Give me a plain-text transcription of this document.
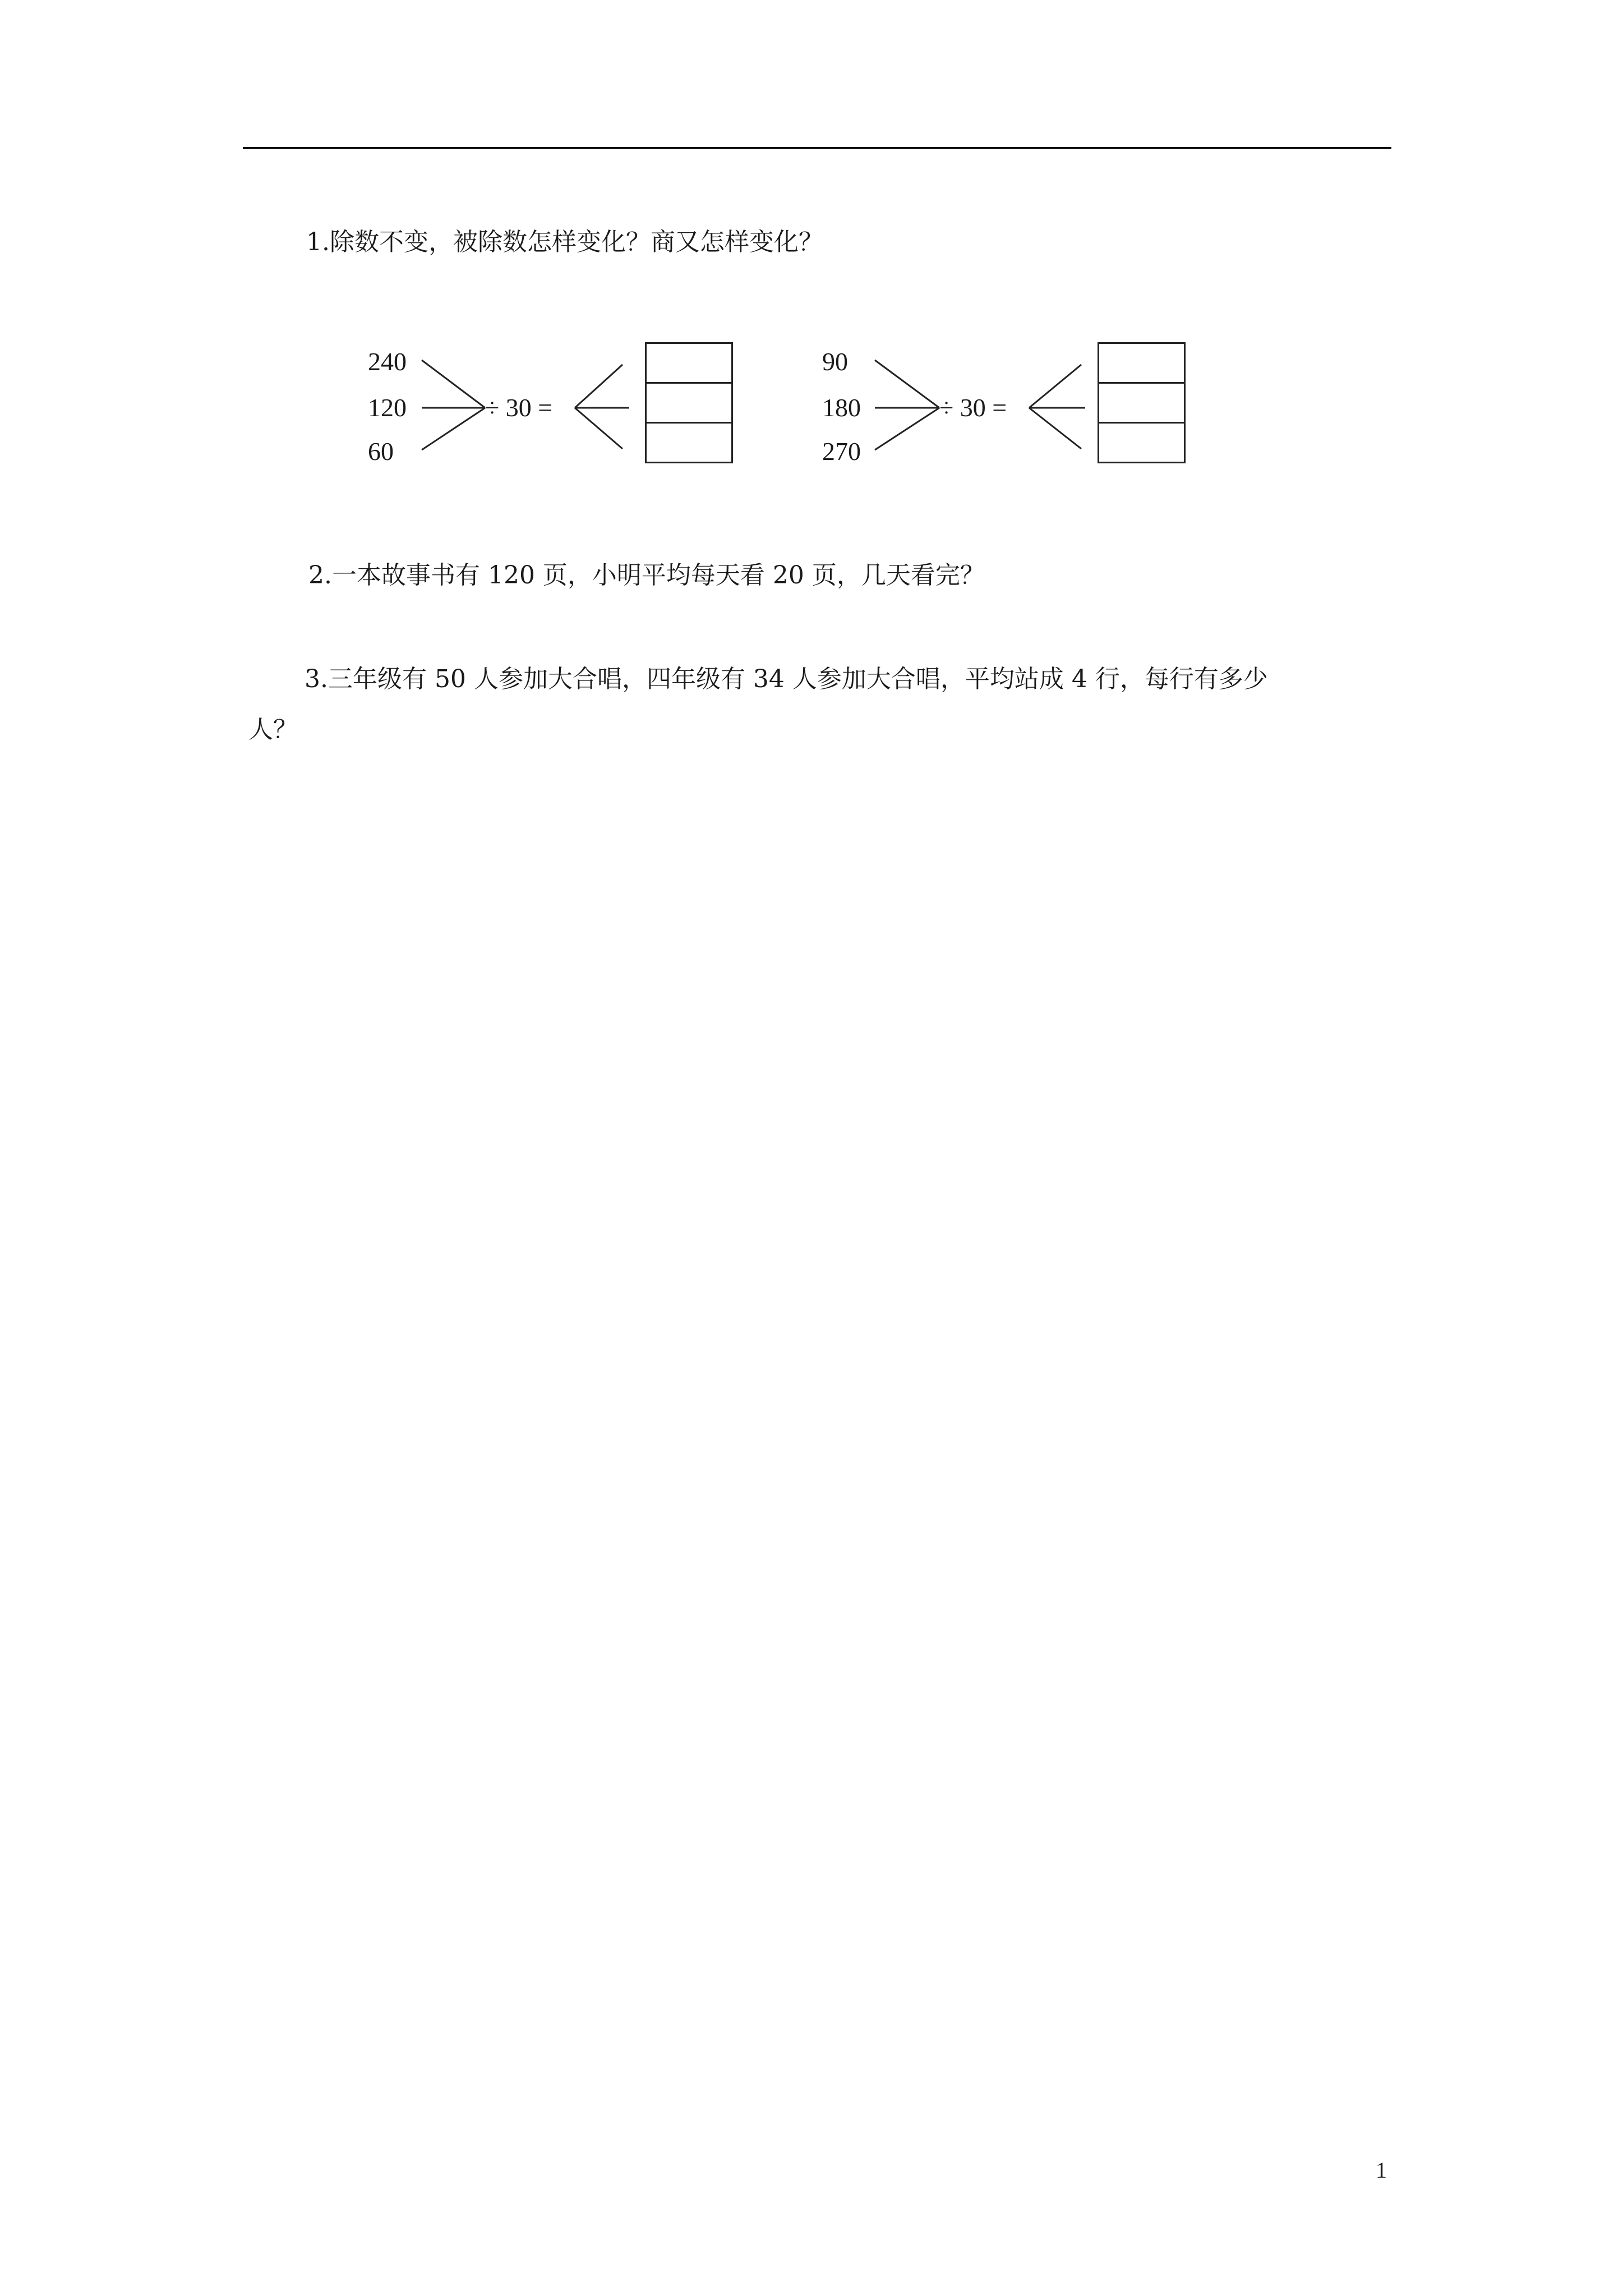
1.除数不变，被除数怎样变化？商又怎样变化？
240
120
60
÷ 30 =
90
180
270
÷ 30 =
2.一本故事书有 120 页，小明平均每天看 20 页，几天看完？
3.三年级有 50 人参加大合唱，四年级有 34 人参加大合唱，平均站成 4 行，每行有多少
人？
1
